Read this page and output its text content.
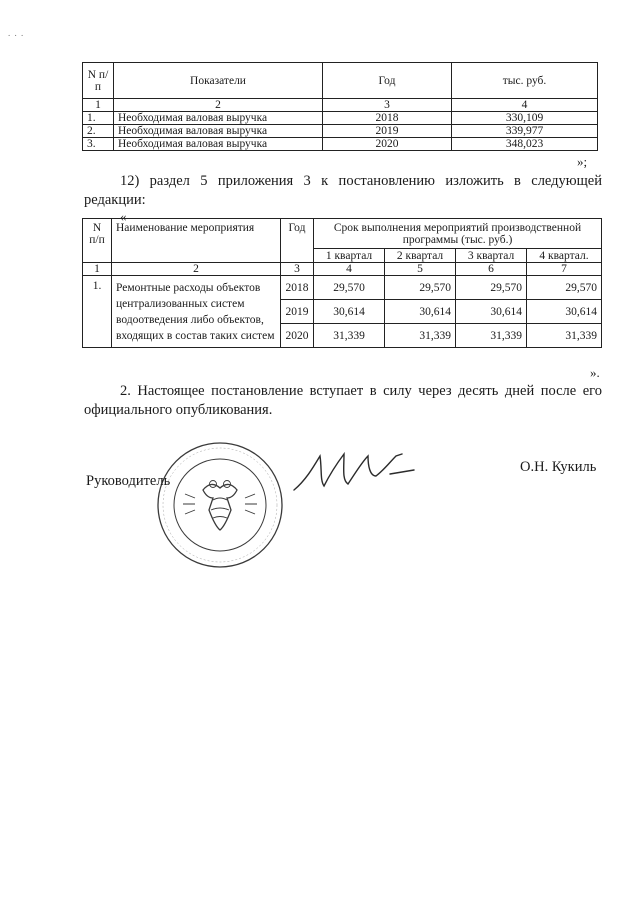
. . .
N п/п	Показатели	Год	тыс. руб.
1	2	3	4
1.	Необходимая валовая выручка	2018	330,109
2.	Необходимая валовая выручка	2019	339,977
3.	Необходимая валовая выручка	2020	348,023
»;
12) раздел 5 приложения 3 к постановлению изложить в следующей редакции:
«
N п/п	Наименование мероприятия	Год	Срок выполнения мероприятий производственной программы (тыс. руб.)			
			1 квартал	2 квартал	3 квартал	4 квартал.
1	2	3	4	5	6	7
1.	Ремонтные расходы объектов централизованных систем водоотведения либо объектов, входящих в состав таких систем	2018	29,570	29,570	29,570	29,570
		2019	30,614	30,614	30,614	30,614
		2020	31,339	31,339	31,339	31,339
».
2. Настоящее постановление вступает в силу через десять дней после его официального опубликования.
Руководитель
О.Н. Кукиль
